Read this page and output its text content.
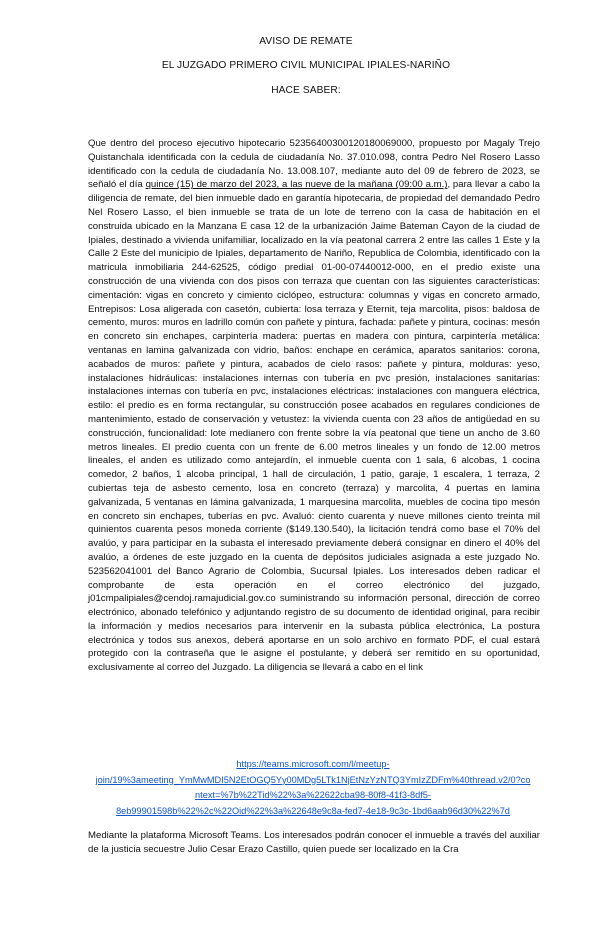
AVISO DE REMATE
EL JUZGADO PRIMERO CIVIL MUNICIPAL IPIALES-NARIÑO
HACE SABER:

Que dentro del proceso ejecutivo hipotecario 52356400300120180069000, propuesto por Magaly Trejo Quistanchala identificada con la cedula de ciudadanía No. 37.010.098, contra Pedro Nel Rosero Lasso identificado con la cedula de ciudadanía No. 13.008.107, mediante auto del 09 de febrero de 2023, se señaló el día quince (15) de marzo del 2023, a las nueve de la mañana (09:00 a.m.), para llevar a cabo la diligencia de remate, del bien inmueble dado en garantía hipotecaria, de propiedad del demandado Pedro Nel Rosero Lasso, el bien inmueble se trata de un lote de terreno con la casa de habitación en el construida ubicado en la Manzana E casa 12 de la urbanización Jaime Bateman Cayon de la ciudad de Ipiales, destinado a vivienda unifamiliar, localizado en la vía peatonal carrera 2 entre las calles 1 Este y la Calle 2 Este del municipio de Ipiales, departamento de Nariño, Republica de Colombia, identificado con la matricula inmobiliaria 244-62525, código predial 01-00-07440012-000, en el predio existe una construcción de una vivienda con dos pisos con terraza que cuentan con las siguientes características: cimentación: vigas en concreto y cimiento ciclópeo, estructura: columnas y vigas en concreto armado, Entrepisos: Losa aligerada con casetón, cubierta: losa terraza y Eternit, teja marcolita, pisos: baldosa de cemento, muros: muros en ladrillo común con pañete y pintura, fachada: pañete y pintura, cocinas: mesón en concreto sin enchapes, carpintería madera: puertas en madera con pintura, carpintería metálica: ventanas en lamina galvanizada con vidrio, baños: enchape en cerámica, aparatos sanitarios: corona, acabados de muros: pañete y pintura, acabados de cielo rasos: pañete y pintura, molduras: yeso, instalaciones hidráulicas: instalaciones internas con tubería en pvc presión, instalaciones sanitarias: instalaciones internas con tubería en pvc, instalaciones eléctricas: instalaciones con manguera eléctrica, estilo: el predio es en forma rectangular, su construcción posee acabados en regulares condiciones de mantenimiento, estado de conservación y vetustez: la vivienda cuenta con 23 años de antigüedad en su construcción, funcionalidad: lote medianero con frente sobre la vía peatonal que tiene un ancho de 3.60 metros lineales. El predio cuenta con un frente de 6.00 metros lineales y un fondo de 12.00 metros lineales, el anden es utilizado como antejardín, el inmueble cuenta con 1 sala, 6 alcobas, 1 cocina comedor, 2 baños, 1 alcoba principal, 1 hall de circulación, 1 patio, garaje, 1 escalera, 1 terraza, 2 cubiertas teja de asbesto cemento, losa en concreto (terraza) y marcolita, 4 puertas en lamina galvanizada, 5 ventanas en lámina galvanizada, 1 marquesina marcolita, muebles de cocina tipo mesón en concreto sin enchapes, tuberías en pvc. Avaluó: ciento cuarenta y nueve millones ciento treinta mil quinientos cuarenta pesos moneda corriente ($149.130.540), la licitación tendrá como base el 70% del avalúo, y para participar en la subasta el interesado previamente deberá consignar en dinero el 40% del avalúo, a órdenes de este juzgado en la cuenta de depósitos judiciales asignada a este juzgado No. 523562041001 del Banco Agrario de Colombia, Sucursal Ipiales. Los interesados deben radicar el comprobante de esta operación en el correo electrónico del juzgado, j01cmpalipiales@cendoj.ramajudicial.gov.co suministrando su información personal, dirección de correo electrónico, abonado telefónico y adjuntando registro de su documento de identidad original, para recibir la información y medios necesarios para intervenir en la subasta pública electrónica, La postura electrónica y todos sus anexos, deberá aportarse en un solo archivo en formato PDF, el cual estará protegido con la contraseña que le asigne el postulante, y deberá ser remitido en su oportunidad, exclusivamente al correo del Juzgado. La diligencia se llevará a cabo en el link

https://teams.microsoft.com/l/meetup-
join/19%3ameeting_YmMwMDI5N2EtOGQ5Yy00MDg5LTk1NjEtNzYzNTQ3YmIzZDFm%40thread.v2/0?co
ntext=%7b%22Tid%22%3a%22622cba98-80f8-41f3-8df5-
8eb99901598b%22%2c%22Oid%22%3a%22648e9c8a-fed7-4e18-9c3c-1bd6aab96d30%22%7d

Mediante la plataforma Microsoft Teams. Los interesados podrán conocer el inmueble a través del auxiliar de la justicia secuestre Julio Cesar Erazo Castillo, quien puede ser localizado en la Cra
